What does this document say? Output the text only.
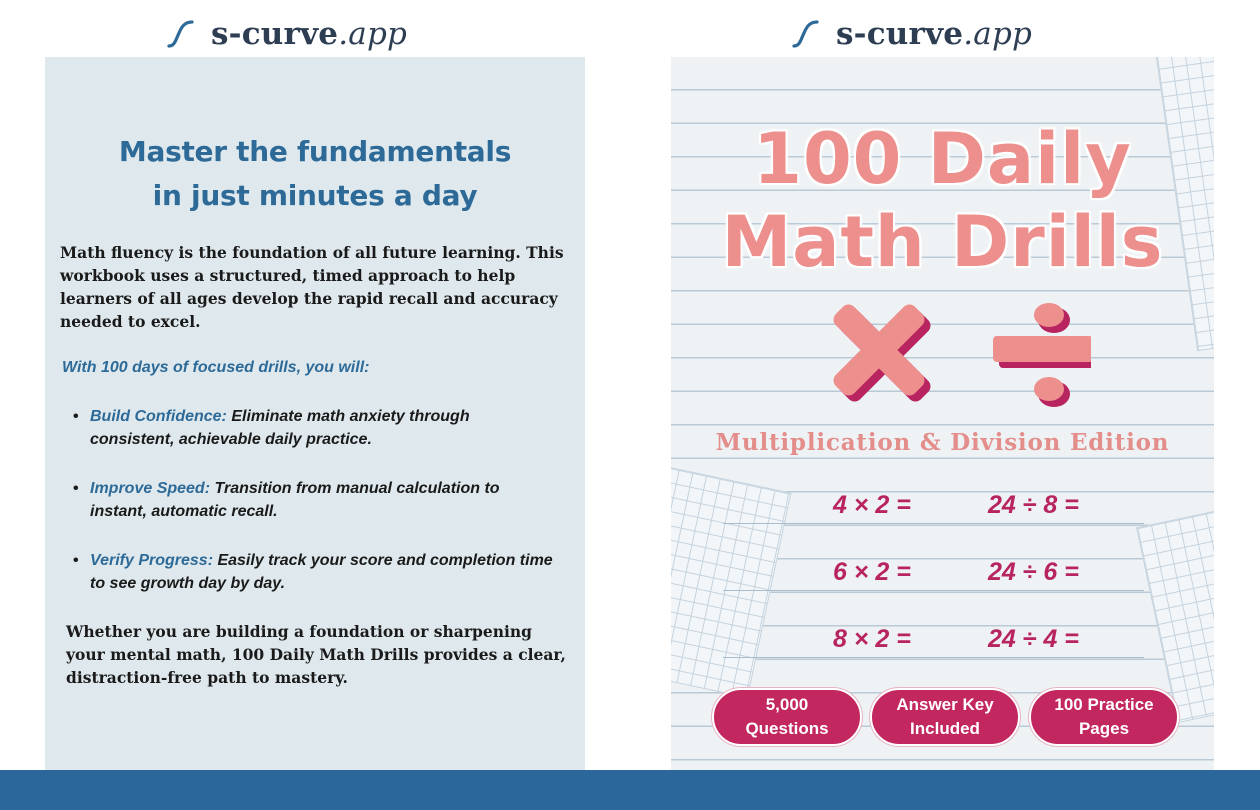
s-curve.app	s-curve.app
Master the fundamentals
in just minutes a day

Math fluency is the foundation of all future learning. This workbook uses a structured, timed approach to help learners of all ages develop the rapid recall and accuracy needed to excel.

With 100 days of focused drills, you will:

• Build Confidence: Eliminate math anxiety through consistent, achievable daily practice.
• Improve Speed: Transition from manual calculation to instant, automatic recall.
• Verify Progress: Easily track your score and completion time to see growth day by day.

Whether you are building a foundation or sharpening your mental math, 100 Daily Math Drills provides a clear, distraction-free path to mastery.

100 Daily
Math Drills
Multiplication & Division Edition
4 × 2 =	24 ÷ 8 =
6 × 2 =	24 ÷ 6 =
8 × 2 =	24 ÷ 4 =
5,000
Questions
Answer Key
Included
100 Practice
Pages
